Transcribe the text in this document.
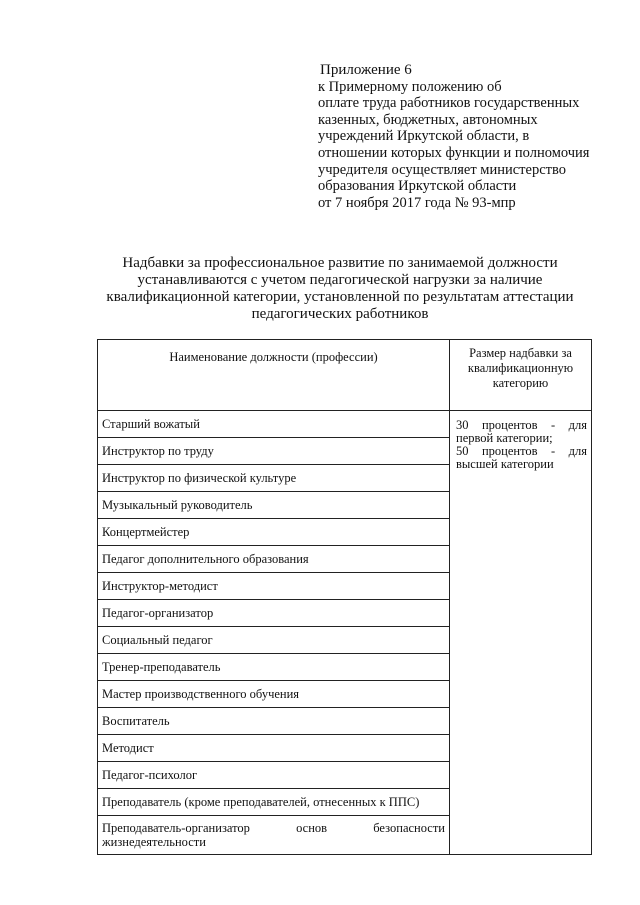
Приложение 6
к Примерному положению об
оплате труда работников государственных
казенных, бюджетных, автономных
учреждений Иркутской области, в
отношении которых функции и полномочия
учредителя осуществляет министерство
образования Иркутской области
от 7 ноября 2017 года № 93-мпр
Надбавки за профессиональное развитие по занимаемой должности
устанавливаются с учетом педагогической нагрузки за наличие
квалификационной категории, установленной по результатам аттестации
педагогических работников
Наименование должности (профессии)	Размер надбавки за квалификационную категорию
Старший вожатый	30 процентов - для
первой категории;
50 процентов - для
высшей категории

Инструктор по труду	
Инструктор по физической культуре	
Музыкальный руководитель	
Концертмейстер	
Педагог дополнительного образования	
Инструктор-методист	
Педагог-организатор	
Социальный педагог	
Тренер-преподаватель	
Мастер производственного обучения	
Воспитатель	
Методист	
Педагог-психолог	
Преподаватель (кроме преподавателей, отнесенных к ППС)	

Преподаватель-организатор основ безопасности жизнедеятельности	
